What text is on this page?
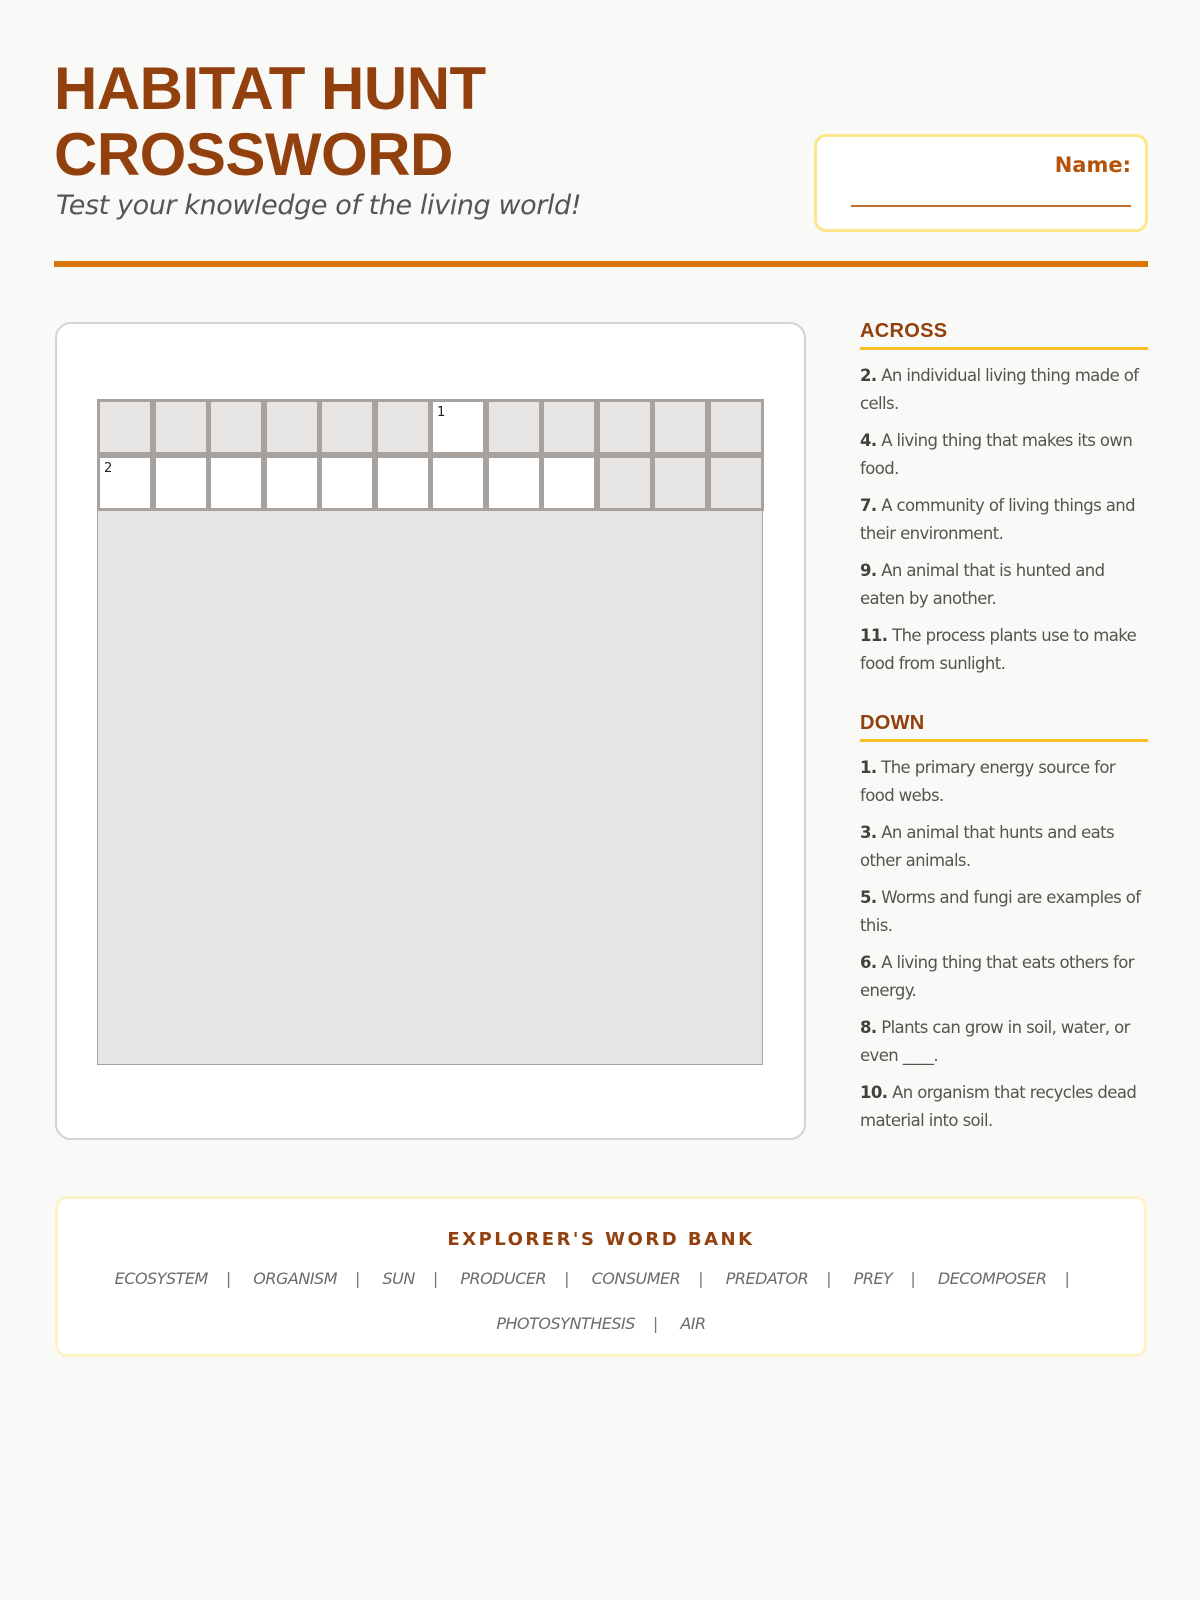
HABITAT HUNT
CROSSWORD
Test your knowledge of the living world!
Name:
1
2
ACROSS
2. An individual living thing made of cells.
4. A living thing that makes its own food.
7. A community of living things and their environment.
9. An animal that is hunted and eaten by another.
11. The process plants use to make food from sunlight.
DOWN
1. The primary energy source for food webs.
3. An animal that hunts and eats other animals.
5. Worms and fungi are examples of this.
6. A living thing that eats others for energy.
8. Plants can grow in soil, water, or even ____.
10. An organism that recycles dead material into soil.
EXPLORER'S WORD BANK
ECOSYSTEM | ORGANISM | SUN | PRODUCER | CONSUMER | PREDATOR | PREY | DECOMPOSER | PHOTOSYNTHESIS | AIR
